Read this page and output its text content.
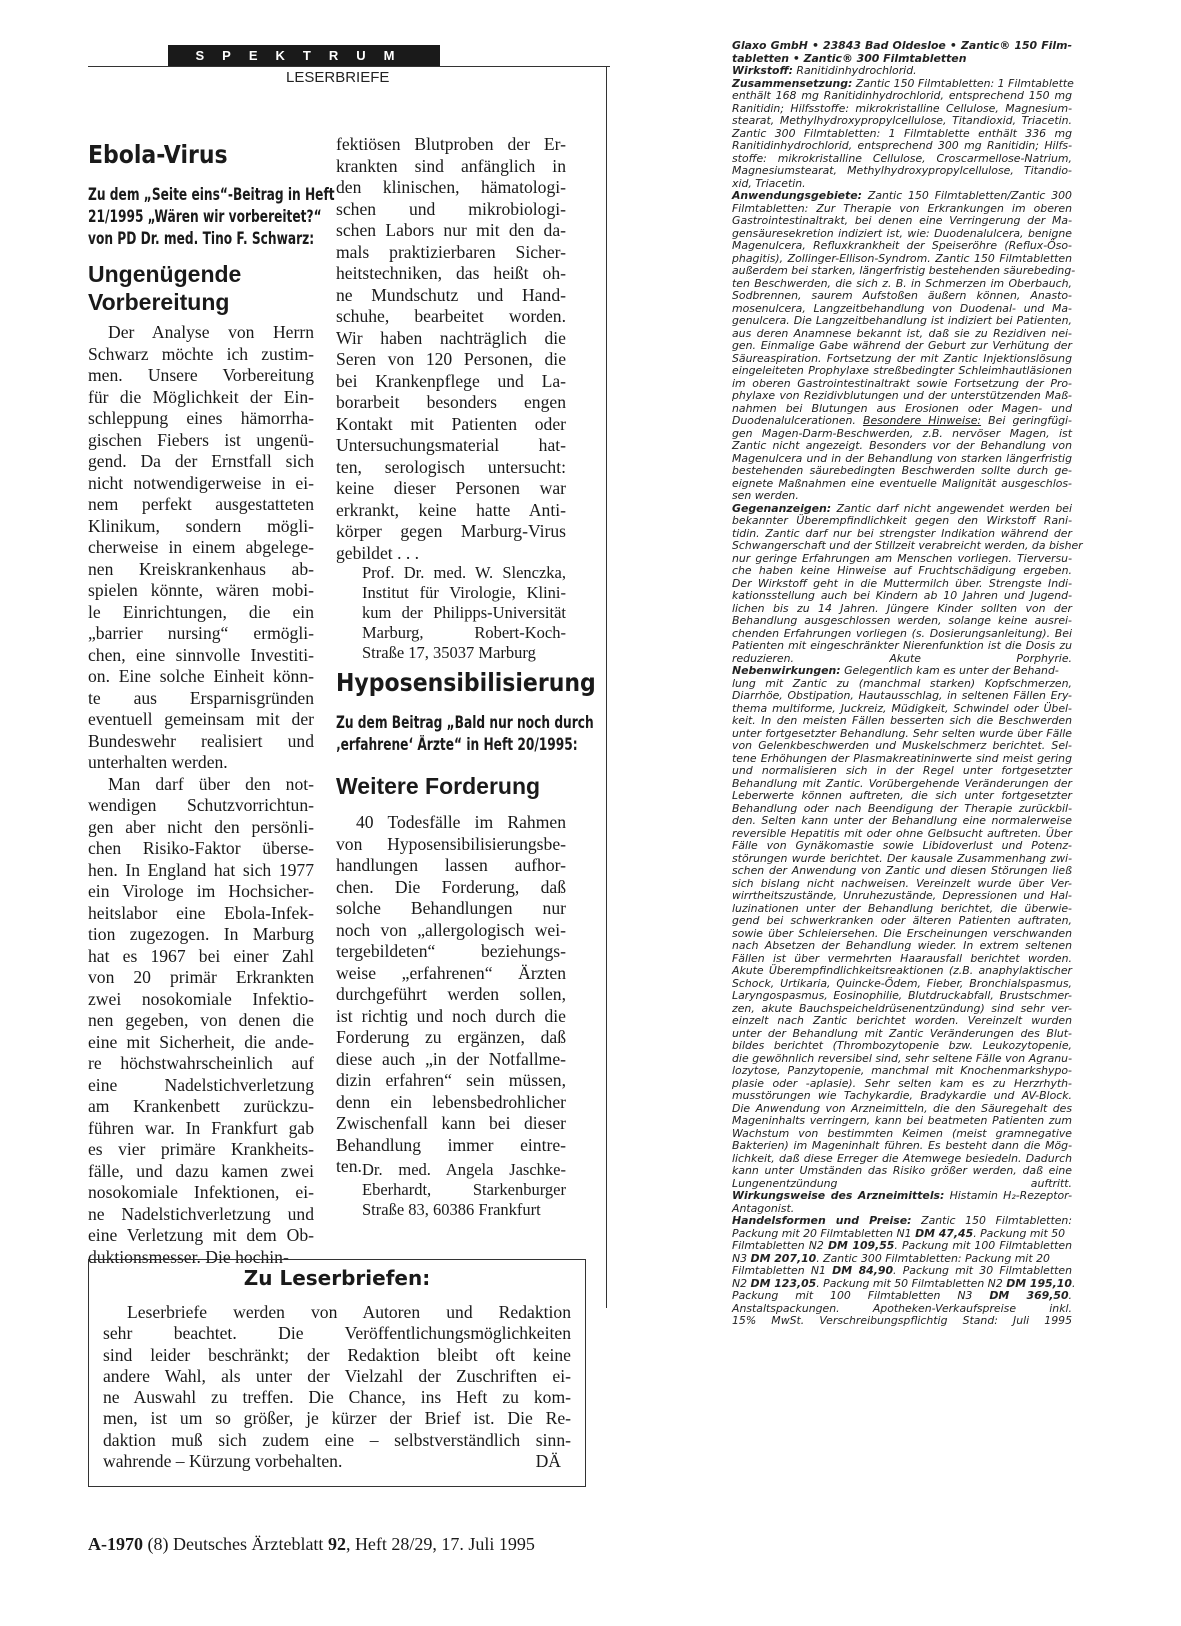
SPEKTRUM
LESERBRIEFE
Ebola-Virus
Zu dem „Seite eins“-Beitrag in Heft
21/1995 „Wären wir vorbereitet?“
von PD Dr. med. Tino F. Schwarz:
Ungenügende
Vorbereitung
Der Analyse von Herrn
Schwarz möchte ich zustim-
men. Unsere Vorbereitung
für die Möglichkeit der Ein-
schleppung eines hämorrha-
gischen Fiebers ist ungenü-
gend. Da der Ernstfall sich
nicht notwendigerweise in ei-
nem perfekt ausgestatteten
Klinikum, sondern mögli-
cherweise in einem abgelege-
nen Kreiskrankenhaus ab-
spielen könnte, wären mobi-
le Einrichtungen, die ein
„barrier nursing“ ermögli-
chen, eine sinnvolle Investiti-
on. Eine solche Einheit könn-
te aus Ersparnisgründen
eventuell gemeinsam mit der
Bundeswehr realisiert und
unterhalten werden.
Man darf über den not-
wendigen Schutzvorrichtun-
gen aber nicht den persönli-
chen Risiko-Faktor überse-
hen. In England hat sich 1977
ein Virologe im Hochsicher-
heitslabor eine Ebola-Infek-
tion zugezogen. In Marburg
hat es 1967 bei einer Zahl
von 20 primär Erkrankten
zwei nosokomiale Infektio-
nen gegeben, von denen die
eine mit Sicherheit, die ande-
re höchstwahrscheinlich auf
eine Nadelstichverletzung
am Krankenbett zurückzu-
führen war. In Frankfurt gab
es vier primäre Krankheits-
fälle, und dazu kamen zwei
nosokomiale Infektionen, ei-
ne Nadelstichverletzung und
eine Verletzung mit dem Ob-
duktionsmesser. Die hochin-
fektiösen Blutproben der Er-
krankten sind anfänglich in
den klinischen, hämatologi-
schen und mikrobiologi-
schen Labors nur mit den da-
mals praktizierbaren Sicher-
heitstechniken, das heißt oh-
ne Mundschutz und Hand-
schuhe, bearbeitet worden.
Wir haben nachträglich die
Seren von 120 Personen, die
bei Krankenpflege und La-
borarbeit besonders engen
Kontakt mit Patienten oder
Untersuchungsmaterial hat-
ten, serologisch untersucht:
keine dieser Personen war
erkrankt, keine hatte Anti-
körper gegen Marburg-Virus
gebildet . . .
Prof. Dr. med. W. Slenczka,
Institut für Virologie, Klini-
kum der Philipps-Universität
Marburg, Robert-Koch-
Straße 17, 35037 Marburg
Hyposensibilisierung
Zu dem Beitrag „Bald nur noch durch
‚erfahrene‘ Ärzte“ in Heft 20/1995:
Weitere Forderung
40 Todesfälle im Rahmen
von Hyposensibilisierungsbe-
handlungen lassen aufhor-
chen. Die Forderung, daß
solche Behandlungen nur
noch von „allergologisch wei-
tergebildeten“ beziehungs-
weise „erfahrenen“ Ärzten
durchgeführt werden sollen,
ist richtig und noch durch die
Forderung zu ergänzen, daß
diese auch „in der Notfallme-
dizin erfahren“ sein müssen,
denn ein lebensbedrohlicher
Zwischenfall kann bei dieser
Behandlung immer eintre-
ten. Dr. med. Angela Jaschke-
Eberhardt, Starkenburger
Straße 83, 60386 Frankfurt
Zu Leserbriefen:
Leserbriefe werden von Autoren und Redaktion
sehr beachtet. Die Veröffentlichungsmöglichkeiten
sind leider beschränkt; der Redaktion bleibt oft keine
andere Wahl, als unter der Vielzahl der Zuschriften ei-
ne Auswahl zu treffen. Die Chance, ins Heft zu kom-
men, ist um so größer, je kürzer der Brief ist. Die Re-
daktion muß sich zudem eine – selbstverständlich sinn-
wahrende – Kürzung vorbehalten.	DÄ
A-1970 (8) Deutsches Ärzteblatt 92, Heft 28/29, 17. Juli 1995
Glaxo GmbH • 23843 Bad Oldesloe • Zantic® 150 Film-
tabletten • Zantic® 300 Filmtabletten
Wirkstoff: Ranitidinhydrochlorid.
Zusammensetzung: Zantic 150 Filmtabletten: 1 Filmtablette
enthält 168 mg Ranitidinhydrochlorid, entsprechend 150 mg
Ranitidin; Hilfsstoffe: mikrokristalline Cellulose, Magnesium-
stearat, Methylhydroxypropylcellulose, Titandioxid, Triacetin.
Zantic 300 Filmtabletten: 1 Filmtablette enthält 336 mg
Ranitidinhydrochlorid, entsprechend 300 mg Ranitidin; Hilfs-
stoffe: mikrokristalline Cellulose, Croscarmellose-Natrium,
Magnesiumstearat, Methylhydroxypropylcellulose, Titandio-
xid, Triacetin.
Anwendungsgebiete: Zantic 150 Filmtabletten/Zantic 300
Filmtabletten: Zur Therapie von Erkrankungen im oberen
Gastrointestinaltrakt, bei denen eine Verringerung der Ma-
gensäuresekretion indiziert ist, wie: Duodenalulcera, benigne
Magenulcera, Refluxkrankheit der Speiseröhre (Reflux-Öso-
phagitis), Zollinger-Ellison-Syndrom. Zantic 150 Filmtabletten
außerdem bei starken, längerfristig bestehenden säurebeding-
ten Beschwerden, die sich z. B. in Schmerzen im Oberbauch,
Sodbrennen, saurem Aufstoßen äußern können, Anasto-
mosenulcera, Langzeitbehandlung von Duodenal- und Ma-
genulcera. Die Langzeitbehandlung ist indiziert bei Patienten,
aus deren Anamnese bekannt ist, daß sie zu Rezidiven nei-
gen. Einmalige Gabe während der Geburt zur Verhütung der
Säureaspiration. Fortsetzung der mit Zantic Injektionslösung
eingeleiteten Prophylaxe streßbedingter Schleimhautläsionen
im oberen Gastrointestinaltrakt sowie Fortsetzung der Pro-
phylaxe von Rezidivblutungen und der unterstützenden Maß-
nahmen bei Blutungen aus Erosionen oder Magen- und
Duodenalulcerationen. Besondere Hinweise: Bei geringfügi-
gen Magen-Darm-Beschwerden, z.B. nervöser Magen, ist
Zantic nicht angezeigt. Besonders vor der Behandlung von
Magenulcera und in der Behandlung von starken längerfristig
bestehenden säurebedingten Beschwerden sollte durch ge-
eignete Maßnahmen eine eventuelle Malignität ausgeschlos-
sen werden.
Gegenanzeigen: Zantic darf nicht angewendet werden bei
bekannter Überempfindlichkeit gegen den Wirkstoff Rani-
tidin. Zantic darf nur bei strengster Indikation während der
Schwangerschaft und der Stillzeit verabreicht werden, da bisher
nur geringe Erfahrungen am Menschen vorliegen. Tierversu-
che haben keine Hinweise auf Fruchtschädigung ergeben.
Der Wirkstoff geht in die Muttermilch über. Strengste Indi-
kationsstellung auch bei Kindern ab 10 Jahren und Jugend-
lichen bis zu 14 Jahren. Jüngere Kinder sollten von der
Behandlung ausgeschlossen werden, solange keine ausrei-
chenden Erfahrungen vorliegen (s. Dosierungsanleitung). Bei
Patienten mit eingeschränkter Nierenfunktion ist die Dosis zu
reduzieren. Akute Porphyrie.
Nebenwirkungen: Gelegentlich kam es unter der Behand-
lung mit Zantic zu (manchmal starken) Kopfschmerzen,
Diarrhöe, Obstipation, Hautausschlag, in seltenen Fällen Ery-
thema multiforme, Juckreiz, Müdigkeit, Schwindel oder Übel-
keit. In den meisten Fällen besserten sich die Beschwerden
unter fortgesetzter Behandlung. Sehr selten wurde über Fälle
von Gelenkbeschwerden und Muskelschmerz berichtet. Sel-
tene Erhöhungen der Plasmakreatininwerte sind meist gering
und normalisieren sich in der Regel unter fortgesetzter
Behandlung mit Zantic. Vorübergehende Veränderungen der
Leberwerte können auftreten, die sich unter fortgesetzter
Behandlung oder nach Beendigung der Therapie zurückbil-
den. Selten kann unter der Behandlung eine normalerweise
reversible Hepatitis mit oder ohne Gelbsucht auftreten. Über
Fälle von Gynäkomastie sowie Libidoverlust und Potenz-
störungen wurde berichtet. Der kausale Zusammenhang zwi-
schen der Anwendung von Zantic und diesen Störungen ließ
sich bislang nicht nachweisen. Vereinzelt wurde über Ver-
wirrtheitszustände, Unruhezustände, Depressionen und Hal-
luzinationen unter der Behandlung berichtet, die überwie-
gend bei schwerkranken oder älteren Patienten auftraten,
sowie über Schleiersehen. Die Erscheinungen verschwanden
nach Absetzen der Behandlung wieder. In extrem seltenen
Fällen ist über vermehrten Haarausfall berichtet worden.
Akute Überempfindlichkeitsreaktionen (z.B. anaphylaktischer
Schock, Urtikaria, Quincke-Ödem, Fieber, Bronchialspasmus,
Laryngospasmus, Eosinophilie, Blutdruckabfall, Brustschmer-
zen, akute Bauchspeicheldrüsenentzündung) sind sehr ver-
einzelt nach Zantic berichtet worden. Vereinzelt wurden
unter der Behandlung mit Zantic Veränderungen des Blut-
bildes berichtet (Thrombozytopenie bzw. Leukozytopenie,
die gewöhnlich reversibel sind, sehr seltene Fälle von Agranu-
lozytose, Panzytopenie, manchmal mit Knochenmarkshypo-
plasie oder -aplasie). Sehr selten kam es zu Herzrhyth-
musstörungen wie Tachykardie, Bradykardie und AV-Block.
Die Anwendung von Arzneimitteln, die den Säuregehalt des
Mageninhalts verringern, kann bei beatmeten Patienten zum
Wachstum von bestimmten Keimen (meist gramnegative
Bakterien) im Mageninhalt führen. Es besteht dann die Mög-
lichkeit, daß diese Erreger die Atemwege besiedeln. Dadurch
kann unter Umständen das Risiko größer werden, daß eine
Lungenentzündung auftritt.
Wirkungsweise des Arzneimittels: Histamin H₂-Rezeptor-
Antagonist.
Handelsformen und Preise: Zantic 150 Filmtabletten:
Packung mit 20 Filmtabletten N1 DM 47,45. Packung mit 50
Filmtabletten N2 DM 109,55. Packung mit 100 Filmtabletten
N3 DM 207,10. Zantic 300 Filmtabletten: Packung mit 20
Filmtabletten N1 DM 84,90. Packung mit 30 Filmtabletten
N2 DM 123,05. Packung mit 50 Filmtabletten N2 DM 195,10.
Packung mit 100 Filmtabletten N3 DM 369,50.
Anstaltspackungen. Apotheken-Verkaufspreise inkl.
15% MwSt. Verschreibungspflichtig Stand: Juli 1995
